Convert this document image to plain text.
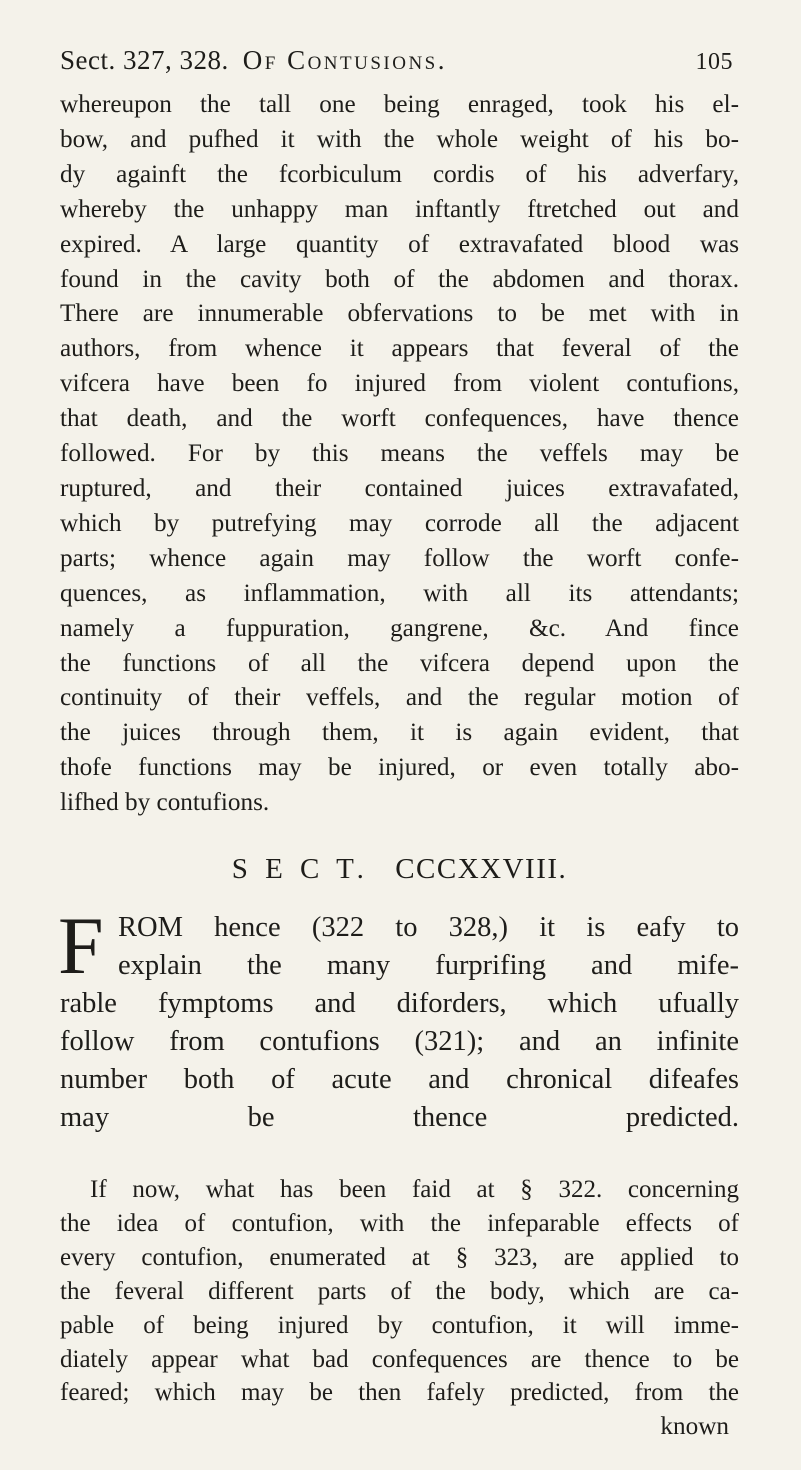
Sect. 327, 328. Of Contusions.	105
whereupon the tall one being enraged, took his el-
bow, and pufhed it with the whole weight of his bo-
dy againft the fcorbiculum cordis of his adverfary,
whereby the unhappy man inftantly ftretched out and
expired. A large quantity of extravafated blood was
found in the cavity both of the abdomen and thorax.
There are innumerable obfervations to be met with in
authors, from whence it appears that feveral of the
vifcera have been fo injured from violent contufions,
that death, and the worft confequences, have thence
followed. For by this means the veffels may be
ruptured, and their contained juices extravafated,
which by putrefying may corrode all the adjacent
parts; whence again may follow the worft confe-
quences, as inflammation, with all its attendants;
namely a fuppuration, gangrene, &c. And fince
the functions of all the vifcera depend upon the
continuity of their veffels, and the regular motion of
the juices through them, it is again evident, that
thofe functions may be injured, or even totally abo-
lifhed by contufions.
S E C T. CCCXXVIII.
F ROM hence (322 to 328,) it is eafy to
explain the many furprifing and mife-
rable fymptoms and diforders, which ufually
follow from contufions (321); and an infinite
number both of acute and chronical difeafes
may be thence predicted.
If now, what has been faid at § 322. concerning
the idea of contufion, with the infeparable effects of
every contufion, enumerated at § 323, are applied to
the feveral different parts of the body, which are ca-
pable of being injured by contufion, it will imme-
diately appear what bad confequences are thence to be
feared; which may be then fafely predicted, from the
known
